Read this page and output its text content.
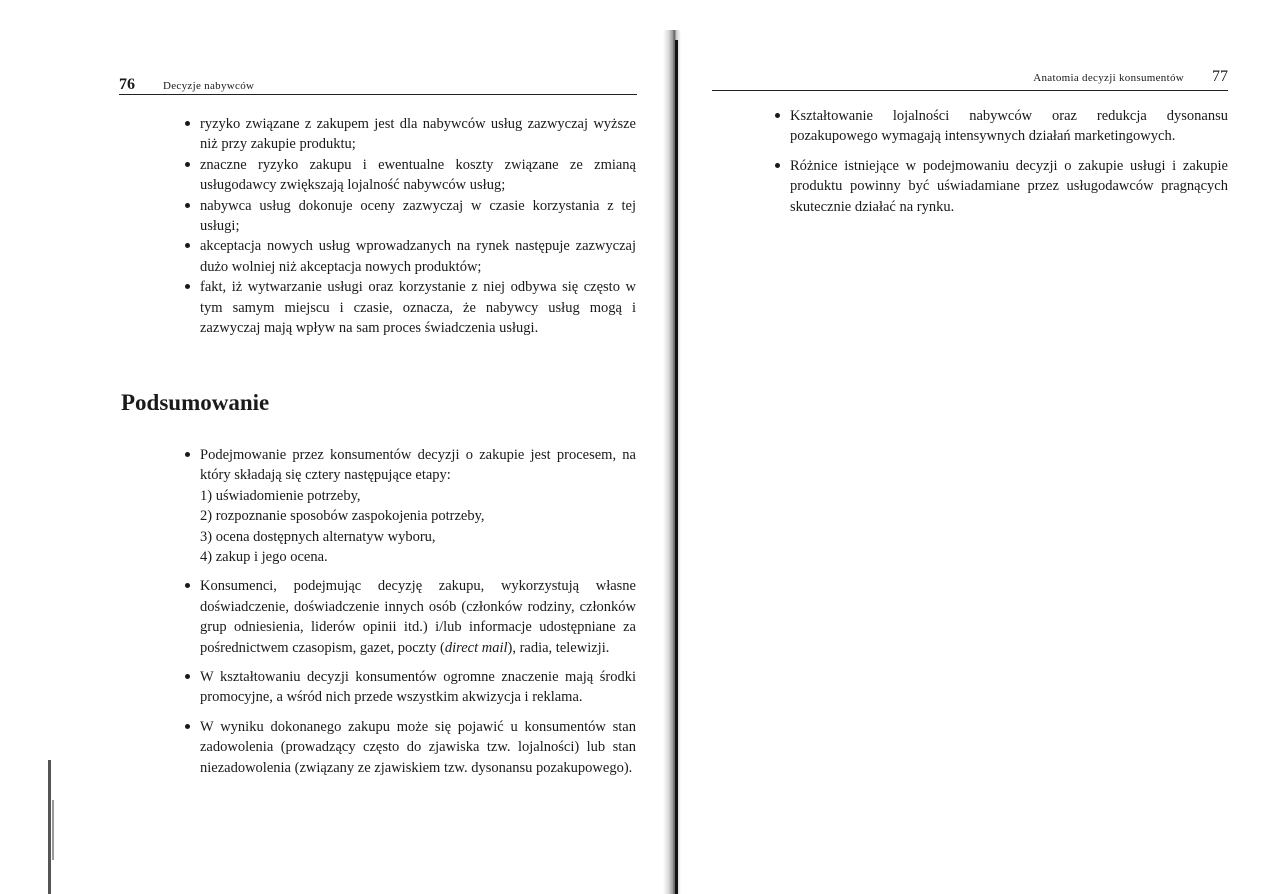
76	Decyzje nabywców
ryzyko związane z zakupem jest dla nabywców usług zazwyczaj wyższe niż przy zakupie produktu;
znaczne ryzyko zakupu i ewentualne koszty związane ze zmianą usługodawcy zwiększają lojalność nabywców usług;
nabywca usług dokonuje oceny zazwyczaj w czasie korzystania z tej usługi;
akceptacja nowych usług wprowadzanych na rynek następuje zazwyczaj dużo wolniej niż akceptacja nowych produktów;
fakt, iż wytwarzanie usługi oraz korzystanie z niej odbywa się często w tym samym miejscu i czasie, oznacza, że nabywcy usług mogą i zazwyczaj mają wpływ na sam proces świadczenia usługi.
Podsumowanie
Podejmowanie przez konsumentów decyzji o zakupie jest procesem, na który składają się cztery następujące etapy:
1) uświadomienie potrzeby,
2) rozpoznanie sposobów zaspokojenia potrzeby,
3) ocena dostępnych alternatyw wyboru,
4) zakup i jego ocena.
Konsumenci, podejmując decyzję zakupu, wykorzystują własne doświadczenie, doświadczenie innych osób (członków rodziny, członków grup odniesienia, liderów opinii itd.) i/lub informacje udostępniane za pośrednictwem czasopism, gazet, poczty (direct mail), radia, telewizji.
W kształtowaniu decyzji konsumentów ogromne znaczenie mają środki promocyjne, a wśród nich przede wszystkim akwizycja i reklama.
W wyniku dokonanego zakupu może się pojawić u konsumentów stan zadowolenia (prowadzący często do zjawiska tzw. lojalności) lub stan niezadowolenia (związany ze zjawiskiem tzw. dysonansu pozakupowego).
Anatomia decyzji konsumentów 77
Kształtowanie lojalności nabywców oraz redukcja dysonansu pozakupowego wymagają intensywnych działań marketingowych.
Różnice istniejące w podejmowaniu decyzji o zakupie usługi i zakupie produktu powinny być uświadamiane przez usługodawców pragnących skutecznie działać na rynku.
